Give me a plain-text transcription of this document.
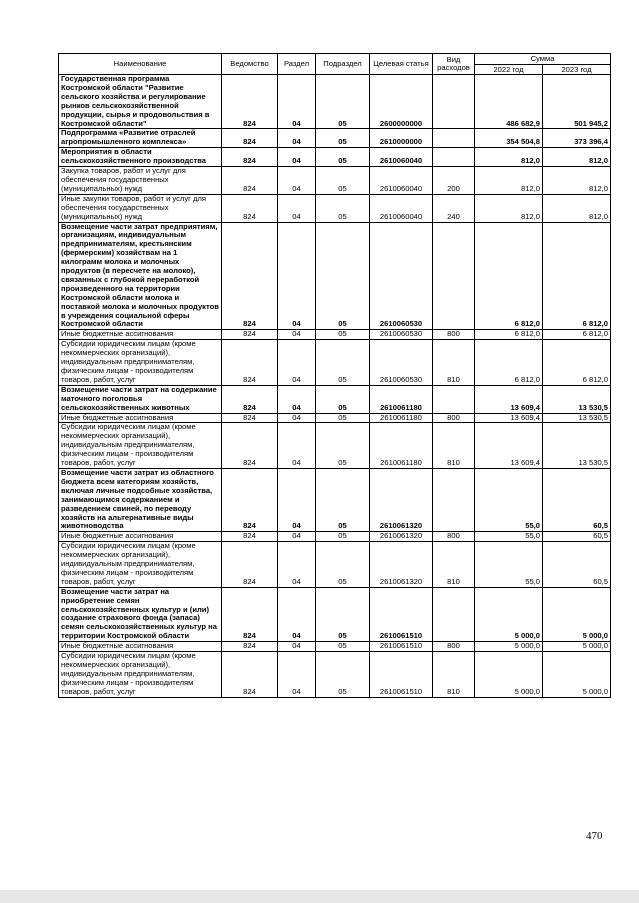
Наименование	Ведомство	Раздел	Подраздел	Целевая статья	Вид расходов	Сумма	
						2022 год	2023 год
Государственная программа Костромской области "Развитие сельского хозяйства и регулирование рынков сельскохозяйственной продукции, сырья и продовольствия в Костромской области"	824	04	05	2600000000		486 682,9	501 945,2
Подпрограмма «Развитие отраслей агропромышленного комплекса»	824	04	05	2610000000		354 504,8	373 396,4
Мероприятия в области сельскохозяйственного производства	824	04	05	2610060040		812,0	812,0
Закупка товаров, работ и услуг для обеспечения государственных (муниципальных) нужд	824	04	05	2610060040	200	812,0	812,0
Иные закупки товаров, работ и услуг для обеспечения государственных (муниципальных) нужд	824	04	05	2610060040	240	812,0	812,0
Возмещение части затрат предприятиям, организациям, индивидуальным предпринимателям, крестьянским (фермерским) хозяйствам на 1 килограмм молока и молочных продуктов (в пересчете на молоко), связанных с глубокой переработкой произведенного на территории Костромской области молока и поставкой молока и молочных продуктов в учреждения социальной сферы Костромской области	824	04	05	2610060530		6 812,0	6 812,0
Иные бюджетные ассигнования	824	04	05	2610060530	800	6 812,0	6 812,0
Субсидии юридическим лицам (кроме некоммерческих организаций), индивидуальным предпринимателям, физическим лицам - производителям товаров, работ, услуг	824	04	05	2610060530	810	6 812,0	6 812,0
Возмещение части затрат на содержание маточного поголовья сельскохозяйственных животных	824	04	05	2610061180		13 609,4	13 530,5
Иные бюджетные ассигнования	824	04	05	2610061180	800	13 609,4	13 530,5
Субсидии юридическим лицам (кроме некоммерческих организаций), индивидуальным предпринимателям, физическим лицам - производителям товаров, работ, услуг	824	04	05	2610061180	810	13 609,4	13 530,5
Возмещение части затрат из областного бюджета всем категориям хозяйств, включая личные подсобные хозяйства, занимающимся содержанием и разведением свиней, по переводу хозяйств на альтернативные виды животноводства	824	04	05	2610061320		55,0	60,5
Иные бюджетные ассигнования	824	04	05	2610061320	800	55,0	60,5
Субсидии юридическим лицам (кроме некоммерческих организаций), индивидуальным предпринимателям, физическим лицам - производителям товаров, работ, услуг	824	04	05	2610061320	810	55,0	60,5
Возмещение части затрат на приобретение семян сельскохозяйственных культур и (или) создание страхового фонда (запаса) семян сельскохозяйственных культур на территории Костромской области	824	04	05	2610061510		5 000,0	5 000,0
Иные бюджетные ассигнования	824	04	05	2610061510	800	5 000,0	5 000,0
Субсидии юридическим лицам (кроме некоммерческих организаций), индивидуальным предпринимателям, физическим лицам - производителям товаров, работ, услуг	824	04	05	2610061510	810	5 000,0	5 000,0
470
